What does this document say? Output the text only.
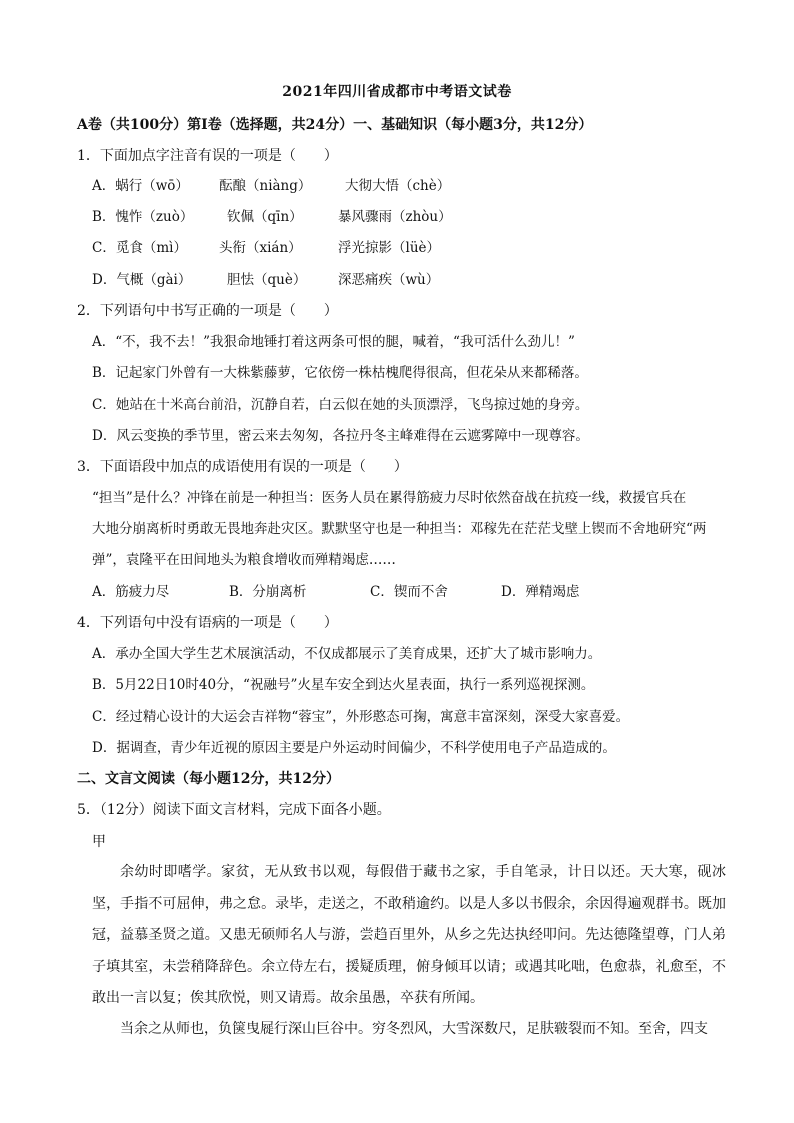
2021年四川省成都市中考语文试卷
A卷（共100分）第Ⅰ卷（选择题，共24分）一、基础知识（每小题3分，共12分）
1．下面加点字注音有误的一项是（　　）
A．蜗行（wō） 酝酿（niàng） 大彻大悟（chè）
B．愧怍（zuò） 钦佩（qīn）	暴风骤雨（zhòu）
C．觅食（mì） 头衔（xián）	浮光掠影（lüè）
D．气概（gài）	胆怯（què） 深恶痛疾（wù）
2．下列语句中书写正确的一项是（　　）
A．“不，我不去！”我狠命地锤打着这两条可恨的腿，喊着，“我可活什么劲儿！”
B．记起家门外曾有一大株紫藤萝，它依傍一株枯槐爬得很高，但花朵从来都稀落。
C．她站在十米高台前沿，沉静自若，白云似在她的头顶漂浮，飞鸟掠过她的身旁。
D．风云变换的季节里，密云来去匆匆，各拉丹冬主峰难得在云遮雾障中一现尊容。
3．下面语段中加点的成语使用有误的一项是（　　）
“担当”是什么？冲锋在前是一种担当：医务人员在累得筋疲力尽时依然奋战在抗疫一线，救援官兵在
大地分崩离析时勇敢无畏地奔赴灾区。默默坚守也是一种担当：邓稼先在茫茫戈壁上锲而不舍地研究“两
弹”，袁隆平在田间地头为粮食增收而殚精竭虑……
A．筋疲力尽	B．分崩离析	C．锲而不舍	D．殚精竭虑
4．下列语句中没有语病的一项是（　　）
A．承办全国大学生艺术展演活动，不仅成都展示了美育成果，还扩大了城市影响力。
B．5月22日10时40分，“祝融号”火星车安全到达火星表面，执行一系列巡视探测。
C．经过精心设计的大运会吉祥物“蓉宝”，外形憨态可掬，寓意丰富深刻，深受大家喜爱。
D．据调查，青少年近视的原因主要是户外运动时间偏少，不科学使用电子产品造成的。
二、文言文阅读（每小题12分，共12分）
5．（12分）阅读下面文言材料，完成下面各小题。
甲
余幼时即嗜学。家贫，无从致书以观，每假借于藏书之家，手自笔录，计日以还。天大寒，砚冰坚，手指不可屈伸，弗之怠。录毕，走送之，不敢稍逾约。以是人多以书假余，余因得遍观群书。既加冠，益慕圣贤之道。又患无硕师名人与游，尝趋百里外，从乡之先达执经叩问。先达德隆望尊，门人弟子填其室，未尝稍降辞色。余立侍左右，援疑质理，俯身倾耳以请；或遇其叱咄，色愈恭，礼愈至，不敢出一言以复；俟其欣悦，则又请焉。故余虽愚，卒获有所闻。
当余之从师也，负箧曳屣行深山巨谷中。穷冬烈风，大雪深数尺，足肤皲裂而不知。至舍，四支
